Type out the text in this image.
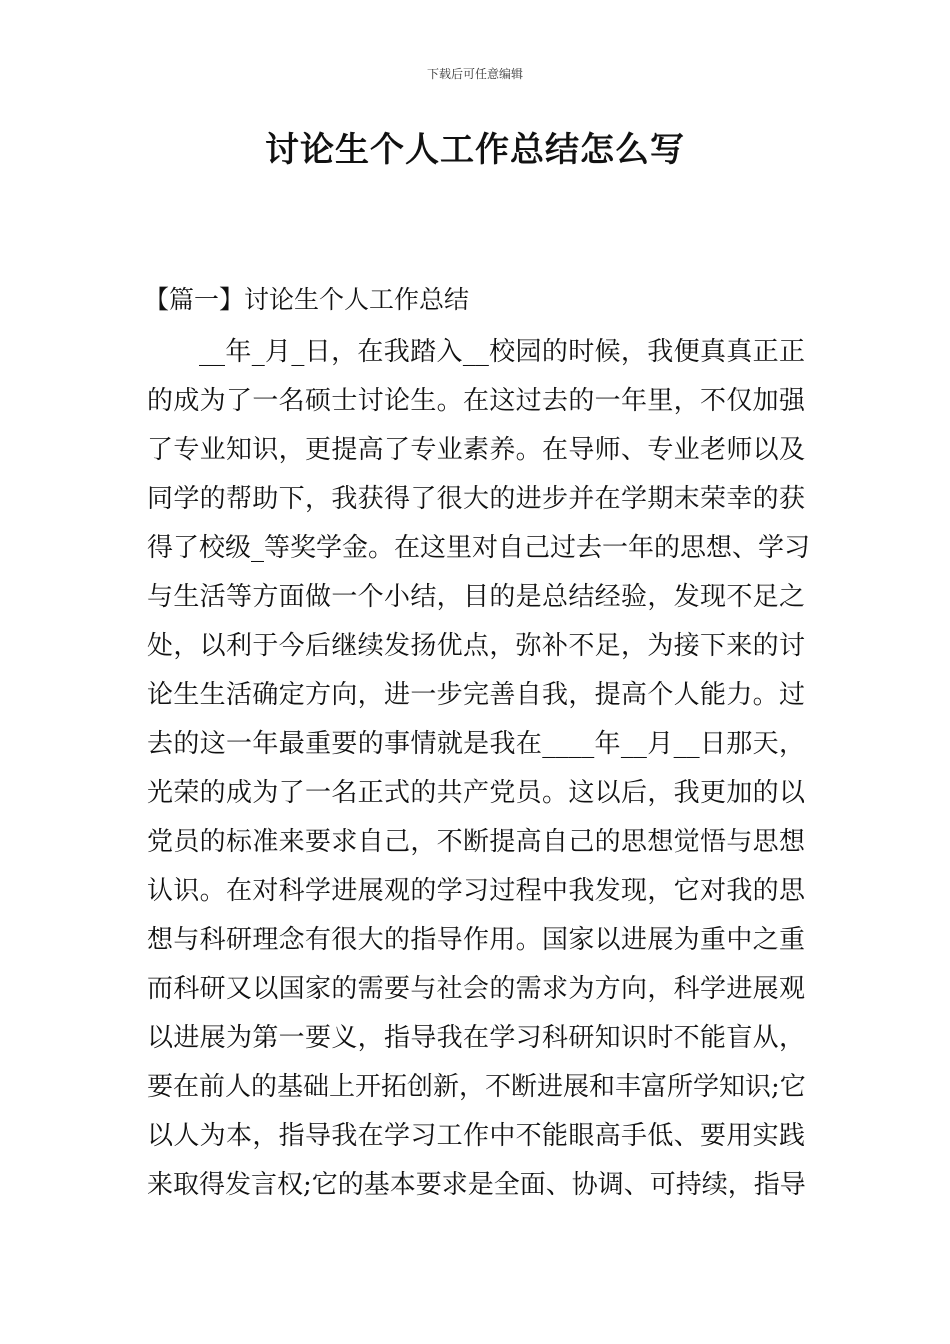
下载后可任意编辑
讨论生个人工作总结怎么写
【篇一】讨论生个人工作总结
__年_月_日，在我踏入__校园的时候，我便真真正正
的成为了一名硕士讨论生。在这过去的一年里，不仅加强
了专业知识，更提高了专业素养。在导师、专业老师以及
同学的帮助下，我获得了很大的进步并在学期末荣幸的获
得了校级_等奖学金。在这里对自己过去一年的思想、学习
与生活等方面做一个小结，目的是总结经验，发现不足之
处，以利于今后继续发扬优点，弥补不足，为接下来的讨
论生生活确定方向，进一步完善自我，提高个人能力。过
去的这一年最重要的事情就是我在____年__月__日那天，
光荣的成为了一名正式的共产党员。这以后，我更加的以
党员的标准来要求自己，不断提高自己的思想觉悟与思想
认识。在对科学进展观的学习过程中我发现，它对我的思
想与科研理念有很大的指导作用。国家以进展为重中之重
而科研又以国家的需要与社会的需求为方向，科学进展观
以进展为第一要义，指导我在学习科研知识时不能盲从，
要在前人的基础上开拓创新，不断进展和丰富所学知识;它
以人为本，指导我在学习工作中不能眼高手低、要用实践
来取得发言权;它的基本要求是全面、协调、可持续，指导
